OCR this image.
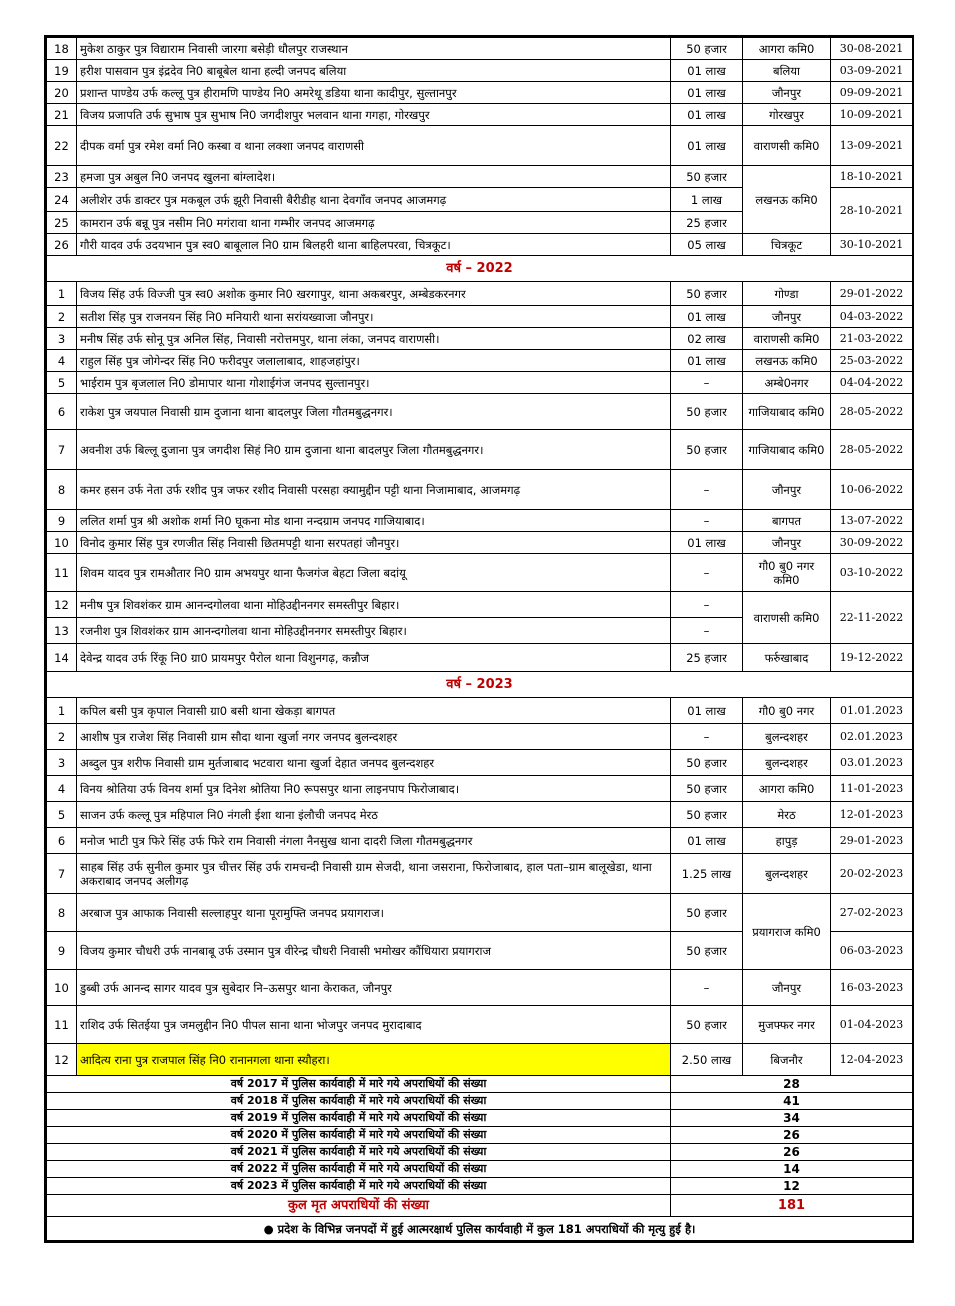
18	मुकेश ठाकुर पुत्र विद्याराम निवासी जारगा बसेड़ी धौलपुर राजस्थान	50 हजार	आगरा कमि0	30-08-2021
19	हरीश पासवान पुत्र इंद्रदेव नि0 बाबूबेल थाना हल्दी जनपद बलिया	01 लाख	बलिया	03-09-2021
20	प्रशान्त पाण्डेय उर्फ कल्लू पुत्र हीरामणि पाण्डेय नि0 अमरेथू डडिया थाना कादीपुर, सुल्तानपुर	01 लाख	जौनपुर	09-09-2021
21	विजय प्रजापति उर्फ सुभाष पुत्र सुभाष नि0 जगदीशपुर भलवान थाना गगहा, गोरखपुर	01 लाख	गोरखपुर	10-09-2021
22	दीपक वर्मा पुत्र रमेश वर्मा नि0 कस्बा व थाना लक्शा जनपद वाराणसी	01 लाख	वाराणसी कमि0	13-09-2021
23	हमजा पुत्र अबुल नि0 जनपद खुलना बांग्लादेश।	50 हजार	लखनऊ कमि0	18-10-2021
24	अलीशेर उर्फ डाक्टर पुत्र मकबूल उर्फ झूरी निवासी बैरीडीह थाना देवगाँव जनपद आजमगढ़	1 लाख		28-10-2021
25	कामरान उर्फ बन्नू पुत्र नसीम नि0 मगंरावा थाना गम्भीर जनपद आजमगढ़	25 हजार		
26	गौरी यादव उर्फ उदयभान पुत्र स्व0 बाबूलाल नि0 ग्राम बिलहरी थाना बाहिलपरवा, चित्रकूट।	05 लाख	चित्रकूट	30-10-2021
वर्ष – 2022				
1	विजय सिंह उर्फ विज्जी पुत्र स्व0 अशोक कुमार नि0 खरगापुर, थाना अकबरपुर, अम्बेडकरनगर	50 हजार	गोण्डा	29-01-2022
2	सतीश सिंह पुत्र राजनयन सिंह नि0 मनियारी थाना सरांयख्वाजा जौनपुर।	01 लाख	जौनपुर	04-03-2022
3	मनीष सिंह उर्फ सोनू पुत्र अनिल सिंह, निवासी नरोत्तमपुर, थाना लंका, जनपद वाराणसी।	02 लाख	वाराणसी कमि0	21-03-2022
4	राहुल सिंह पुत्र जोगेन्दर सिंह नि0 फरीदपुर जलालाबाद, शाहजहांपुर।	01 लाख	लखनऊ कमि0	25-03-2022
5	भाईराम पुत्र बृजलाल नि0 डोमापार थाना गोशाईगंज जनपद सुल्तानपुर।	–	अम्बे0नगर	04-04-2022
6	राकेश पुत्र जयपाल निवासी ग्राम दुजाना थाना बादलपुर जिला गौतमबुद्धनगर।	50 हजार	गाजियाबाद कमि0	28-05-2022
7	अवनीश उर्फ बिल्लू दुजाना पुत्र जगदीश सिहं नि0 ग्राम दुजाना थाना बादलपुर जिला गौतमबुद्धनगर।	50 हजार	गाजियाबाद कमि0	28-05-2022
8	कमर हसन उर्फ नेता उर्फ रशीद पुत्र जफर रशीद निवासी परसहा क्यामुद्दीन पट्टी थाना निजामाबाद, आजमगढ़	–	जौनपुर	10-06-2022
9	ललित शर्मा पुत्र श्री अशोक शर्मा नि0 घूकना मोड थाना नन्दग्राम जनपद गाजियाबाद।	–	बागपत	13-07-2022
10	विनोद कुमार सिंह पुत्र रणजीत सिंह निवासी छितमपट्टी थाना सरपतहां जौनपुर।	01 लाख	जौनपुर	30-09-2022
11	शिवम यादव पुत्र रामऔतार नि0 ग्राम अभयपुर थाना फैजगंज बेहटा जिला बदांयू	–	गौ0 बु0 नगर कमि0	03-10-2022
12	मनीष पुत्र शिवशंकर ग्राम आनन्दगोलवा थाना मोहिउद्दीननगर समस्तीपुर बिहार।	–	वाराणसी कमि0	22-11-2022
13	रजनीश पुत्र शिवशंकर ग्राम आनन्दगोलवा थाना मोहिउद्दीननगर समस्तीपुर बिहार।	–		
14	देवेन्द्र यादव उर्फ रिंकू नि0 ग्रा0 प्रायमपुर पैरोल थाना विशुनगढ़, कन्नौज	25 हजार	फर्रुखाबाद	19-12-2022
वर्ष – 2023				
1	कपिल बसी पुत्र कृपाल निवासी ग्रा0 बसी थाना खेकड़ा बागपत	01 लाख	गौ0 बु0 नगर	01.01.2023
2	आशीष पुत्र राजेश सिंह निवासी ग्राम सौदा थाना खुर्जा नगर जनपद बुलन्दशहर	–	बुलन्दशहर	02.01.2023
3	अब्दुल पुत्र शरीफ निवासी ग्राम मुर्तजाबाद भटवारा थाना खुर्जा देहात जनपद बुलन्दशहर	50 हजार	बुलन्दशहर	03.01.2023
4	विनय श्रोतिया उर्फ विनय शर्मा पुत्र दिनेश श्रोतिया नि0 रूपसपुर थाना लाइनपाप फिरोजाबाद।	50 हजार	आगरा कमि0	11-01-2023
5	साजन उर्फ कल्लू पुत्र महिपाल नि0 नंगली ईशा थाना इंलौची जनपद मेरठ	50 हजार	मेरठ	12-01-2023
6	मनोज भाटी पुत्र फिरे सिंह उर्फ फिरे राम निवासी नंगला नैनसुख थाना दादरी जिला गौतमबुद्धनगर	01 लाख	हापुड़	29-01-2023
7	साहब सिंह उर्फ सुनील कुमार पुत्र चीत्तर सिंह उर्फ रामचन्दी निवासी ग्राम सेजदी, थाना जसराना, फिरोजाबाद, हाल पता–ग्राम बालूखेडा, थाना अकराबाद जनपद अलीगढ़	1.25 लाख	बुलन्दशहर	20-02-2023
8	अरबाज पुत्र आफाक निवासी सल्लाहपुर थाना पूरामुफ्ति जनपद प्रयागराज।	50 हजार	प्रयागराज कमि0	27-02-2023
9	विजय कुमार चौधरी उर्फ नानबाबू उर्फ उस्मान पुत्र वीरेन्द्र चौधरी निवासी भमोखर कौंधियारा प्रयागराज	50 हजार		06-03-2023
10	डुब्बी उर्फ आनन्द सागर यादव पुत्र सुबेदार नि–ऊसपुर थाना केराकत, जौनपुर	–	जौनपुर	16-03-2023
11	राशिद उर्फ सितईया पुत्र जमलुद्दीन नि0 पीपल साना थाना भोजपुर जनपद मुरादाबाद	50 हजार	मुजफ्फर नगर	01-04-2023
12	आदित्य राना पुत्र राजपाल सिंह नि0 रानानगला थाना स्यौहरा।	2.50 लाख	बिजनौर	12-04-2023
वर्ष 2017 में पुलिस कार्यवाही में मारे गये अपराधियों की संख्या		28		
वर्ष 2018 में पुलिस कार्यवाही में मारे गये अपराधियों की संख्या		41		
वर्ष 2019 में पुलिस कार्यवाही में मारे गये अपराधियों की संख्या		34		
वर्ष 2020 में पुलिस कार्यवाही में मारे गये अपराधियों की संख्या		26		
वर्ष 2021 में पुलिस कार्यवाही में मारे गये अपराधियों की संख्या		26		
वर्ष 2022 में पुलिस कार्यवाही में मारे गये अपराधियों की संख्या		14		
वर्ष 2023 में पुलिस कार्यवाही में मारे गये अपराधियों की संख्या		12		
कुल मृत अपराधियों की संख्या		181		
● प्रदेश के विभिन्न जनपदों में हुई आत्मरक्षार्थ पुलिस कार्यवाही में कुल 181 अपराधियों की मृत्यु हुई है।				
